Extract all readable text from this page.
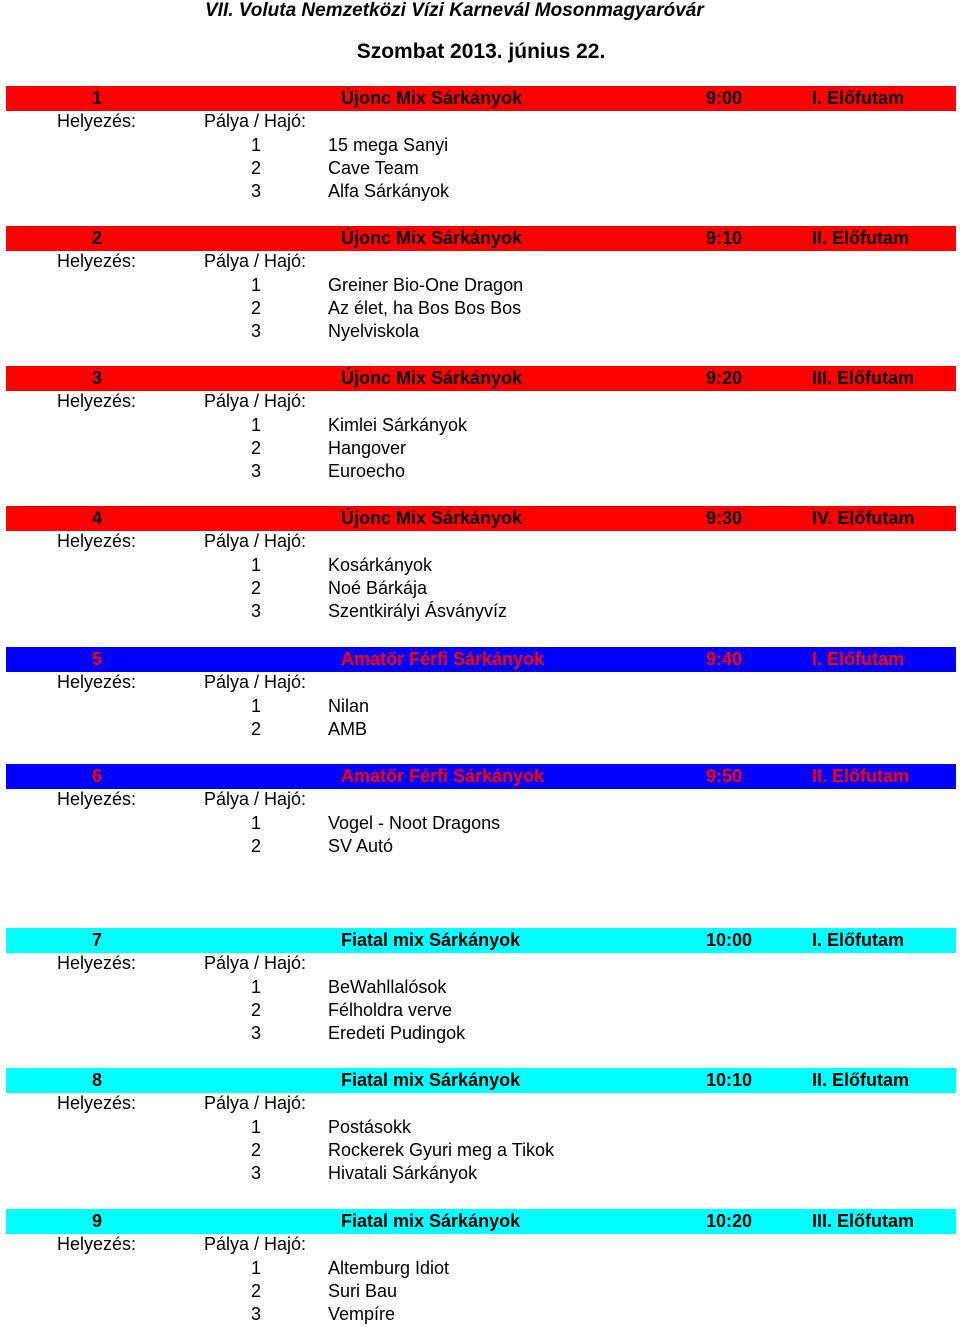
VII. Voluta Nemzetközi Vízi Karnevál Mosonmagyaróvár
Szombat 2013. június 22.
1	Újonc Mix Sárkányok	9:00	I. Előfutam
Helyezés:	Pálya / Hajó:
1	15 mega Sanyi
2	Cave Team
3	Alfa Sárkányok
2	Újonc Mix Sárkányok	9:10	II. Előfutam
Helyezés:	Pálya / Hajó:
1	Greiner Bio-One Dragon
2	Az élet, ha Bos Bos Bos
3	Nyelviskola
3	Újonc Mix Sárkányok	9:20	III. Előfutam
Helyezés:	Pálya / Hajó:
1	Kimlei Sárkányok
2	Hangover
3	Euroecho
4	Újonc Mix Sárkányok	9:30	IV. Előfutam
Helyezés:	Pálya / Hajó:
1	Kosárkányok
2	Noé Bárkája
3	Szentkirályi Ásványvíz
5	Amatőr Férfi Sárkányok	9:40	I. Előfutam
Helyezés:	Pálya / Hajó:
1	Nilan
2	AMB
6	Amatőr Férfi Sárkányok	9:50	II. Előfutam
Helyezés:	Pálya / Hajó:
1	Vogel - Noot Dragons
2	SV Autó
7	Fiatal mix Sárkányok	10:00	I. Előfutam
Helyezés:	Pálya / Hajó:
1	BeWahllalósok
2	Félholdra verve
3	Eredeti Pudingok
8	Fiatal mix Sárkányok	10:10	II. Előfutam
Helyezés:	Pálya / Hajó:
1	Postásokk
2	Rockerek Gyuri meg a Tikok
3	Hivatali Sárkányok
9	Fiatal mix Sárkányok	10:20	III. Előfutam
Helyezés:	Pálya / Hajó:
1	Altemburg Idiot
2	Suri Bau
3	Vempíre
